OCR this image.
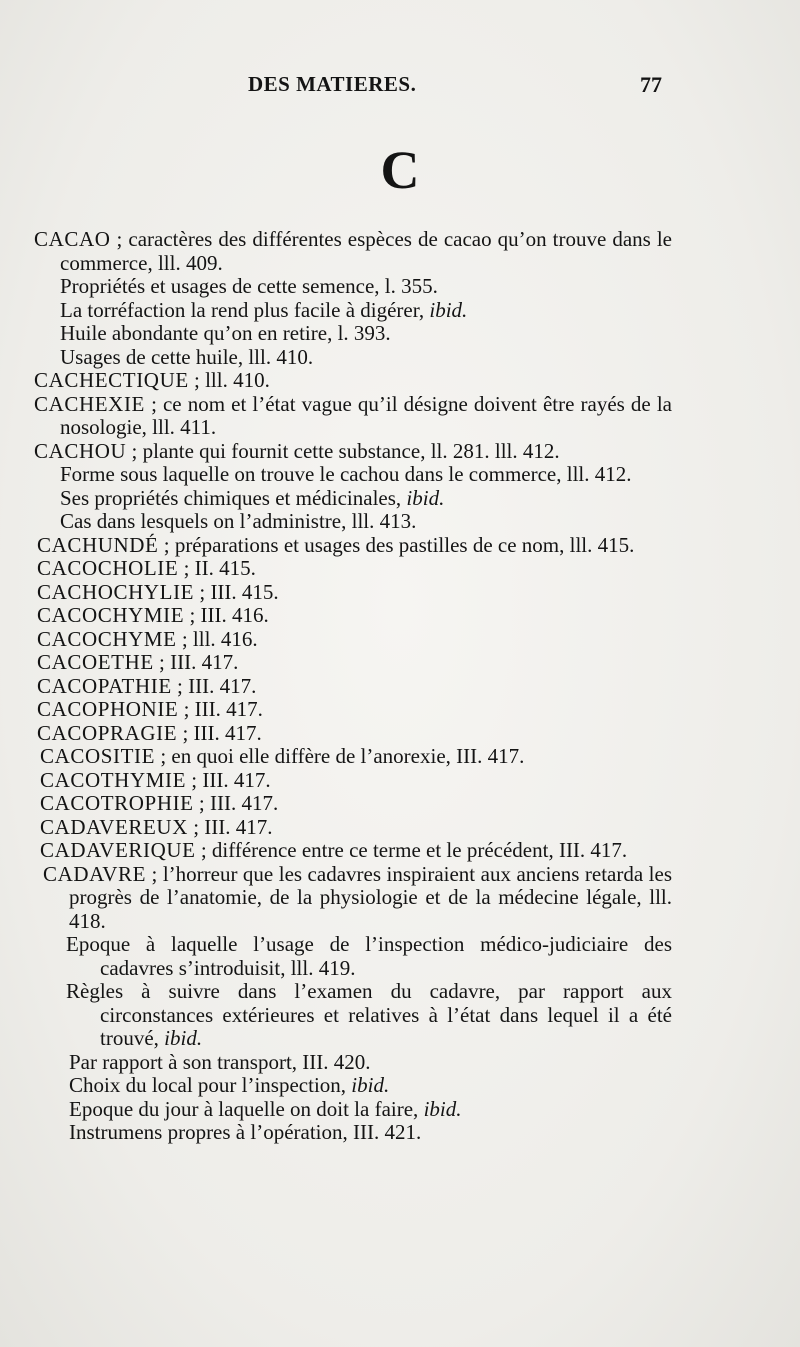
DES MATIERES.	77
C

CACAO ; caractères des différentes espèces de cacao qu’on trouve dans le commerce, lll. 409.

Propriétés et usages de cette semence, l. 355.

La torréfaction la rend plus facile à digérer, ibid.

Huile abondante qu’on en retire, l. 393.

Usages de cette huile, lll. 410.

CACHECTIQUE ; lll. 410.

CACHEXIE ; ce nom et l’état vague qu’il désigne doivent être rayés de la nosologie, lll. 411.

CACHOU ; plante qui fournit cette substance, ll. 281. lll. 412.

Forme sous laquelle on trouve le cachou dans le commerce, lll. 412.

Ses propriétés chimiques et médicinales, ibid.

Cas dans lesquels on l’administre, lll. 413.

CACHUNDÉ ; préparations et usages des pastilles de ce nom, lll. 415.

CACOCHOLIE ; II. 415.

CACHOCHYLIE ; III. 415.

CACOCHYMIE ; III. 416.

CACOCHYME ; lll. 416.

CACOETHE ; III. 417.

CACOPATHIE ; III. 417.

CACOPHONIE ; III. 417.

CACOPRAGIE ; III. 417.

CACOSITIE ; en quoi elle diffère de l’anorexie, III. 417.

CACOTHYMIE ; III. 417.

CACOTROPHIE ; III. 417.

CADAVEREUX ; III. 417.

CADAVERIQUE ; différence entre ce terme et le précédent, III. 417.

CADAVRE ; l’horreur que les cadavres inspiraient aux anciens retarda les progrès de l’anatomie, de la physiologie et de la médecine légale, lll. 418.

Epoque à laquelle l’usage de l’inspection médico-judiciaire des cadavres s’introduisit, lll. 419.

Règles à suivre dans l’examen du cadavre, par rapport aux circonstances extérieures et relatives à l’état dans lequel il a été trouvé, ibid.

Par rapport à son transport, III. 420.

Choix du local pour l’inspection, ibid.

Epoque du jour à laquelle on doit la faire, ibid.

Instrumens propres à l’opération, III. 421.
